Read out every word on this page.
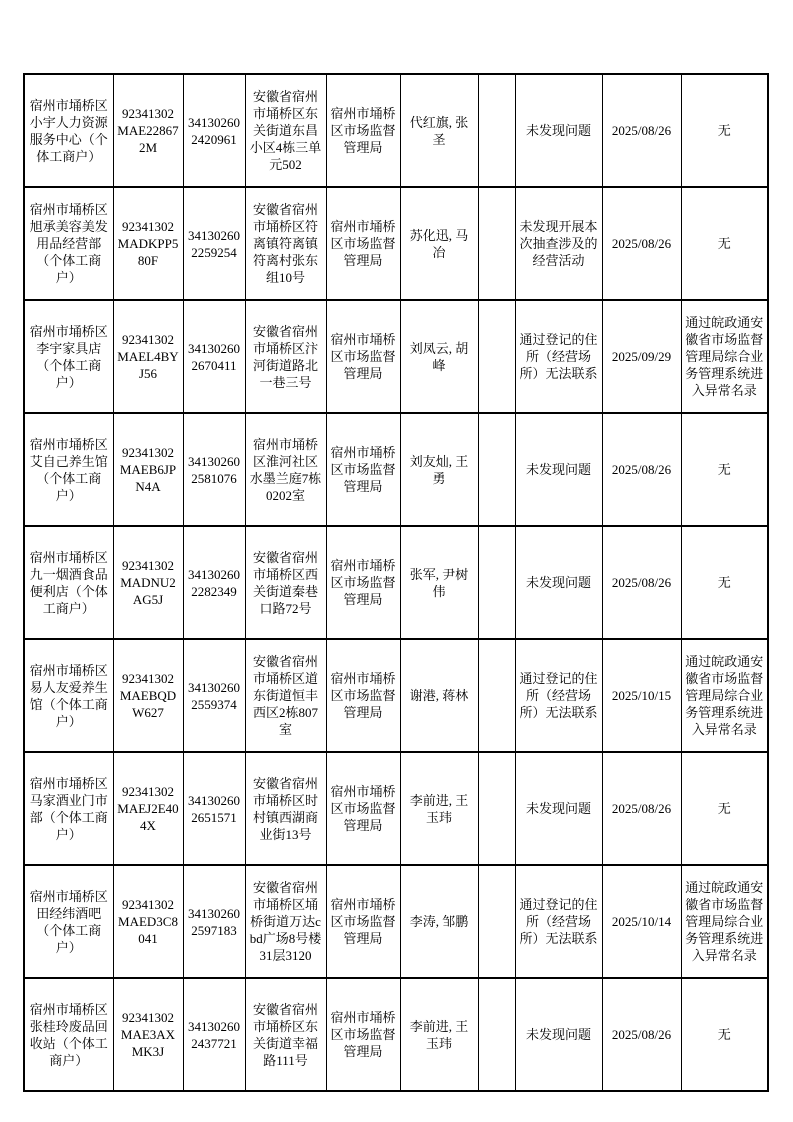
宿州市埇桥区小宇人力资源服务中心（个体工商户）	92341302MAE228672M	341302602420961	安徽省宿州市埇桥区东关街道东昌小区4栋三单元502	宿州市埇桥区市场监督管理局	代红旗, 张圣		未发现问题	2025/08/26	无
宿州市埇桥区旭承美容美发用品经营部（个体工商户）	92341302MADKPP580F	341302602259254	安徽省宿州市埇桥区符离镇符离镇符离村张东组10号	宿州市埇桥区市场监督管理局	苏化迅, 马冶		未发现开展本次抽查涉及的经营活动	2025/08/26	无
宿州市埇桥区李宇家具店（个体工商户）	92341302MAEL4BYJ56	341302602670411	安徽省宿州市埇桥区汴河街道路北一巷三号	宿州市埇桥区市场监督管理局	刘凤云, 胡峰		通过登记的住所（经营场所）无法联系	2025/09/29	通过皖政通安徽省市场监督管理局综合业务管理系统进入异常名录
宿州市埇桥区艾自己养生馆（个体工商户）	92341302MAEB6JPN4A	341302602581076	宿州市埇桥区淮河社区水墨兰庭7栋0202室	宿州市埇桥区市场监督管理局	刘友灿, 王勇		未发现问题	2025/08/26	无
宿州市埇桥区九一烟酒食品便利店（个体工商户）	92341302MADNU2AG5J	341302602282349	安徽省宿州市埇桥区西关街道秦巷口路72号	宿州市埇桥区市场监督管理局	张军, 尹树伟		未发现问题	2025/08/26	无
宿州市埇桥区易人友爱养生馆（个体工商户）	92341302MAEBQDW627	341302602559374	安徽省宿州市埇桥区道东街道恒丰西区2栋807室	宿州市埇桥区市场监督管理局	谢港, 蒋林		通过登记的住所（经营场所）无法联系	2025/10/15	通过皖政通安徽省市场监督管理局综合业务管理系统进入异常名录
宿州市埇桥区马家酒业门市部（个体工商户）	92341302MAEJ2E404X	341302602651571	安徽省宿州市埇桥区时村镇西湖商业街13号	宿州市埇桥区市场监督管理局	李前进, 王玉玮		未发现问题	2025/08/26	无
宿州市埇桥区田经纬酒吧（个体工商户）	92341302MAED3C8041	341302602597183	安徽省宿州市埇桥区埇桥街道万达cbd广场8号楼31层3120	宿州市埇桥区市场监督管理局	李涛, 邹鹏		通过登记的住所（经营场所）无法联系	2025/10/14	通过皖政通安徽省市场监督管理局综合业务管理系统进入异常名录
宿州市埇桥区张桂玲废品回收站（个体工商户）	92341302MAE3AXMK3J	341302602437721	安徽省宿州市埇桥区东关街道幸福路111号	宿州市埇桥区市场监督管理局	李前进, 王玉玮		未发现问题	2025/08/26	无
